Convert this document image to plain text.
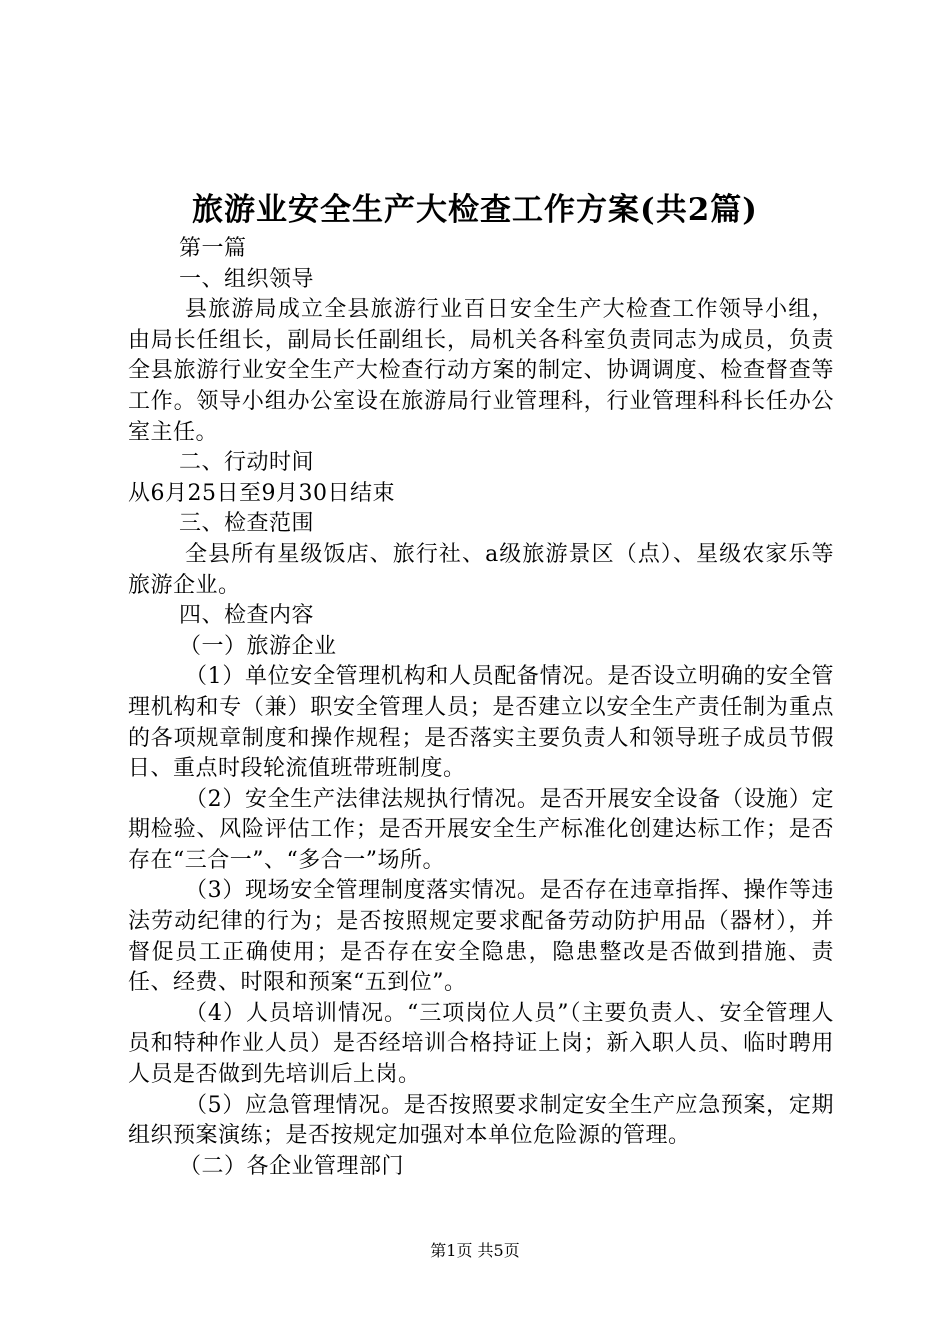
旅游业安全生产大检查工作方案(共2篇)

第一篇

一、组织领导

县旅游局成立全县旅游行业百日安全生产大检查工作领导小组，由局长任组长，副局长任副组长，局机关各科室负责同志为成员，负责全县旅游行业安全生产大检查行动方案的制定、协调调度、检查督查等工作。领导小组办公室设在旅游局行业管理科，行业管理科科长任办公室主任。

二、行动时间

从6月25日至9月30日结束

三、检查范围

全县所有星级饭店、旅行社、a级旅游景区（点）、星级农家乐等旅游企业。

四、检查内容

（一）旅游企业

（1）单位安全管理机构和人员配备情况。是否设立明确的安全管理机构和专（兼）职安全管理人员；是否建立以安全生产责任制为重点的各项规章制度和操作规程；是否落实主要负责人和领导班子成员节假日、重点时段轮流值班带班制度。

（2）安全生产法律法规执行情况。是否开展安全设备（设施）定期检验、风险评估工作；是否开展安全生产标准化创建达标工作；是否存在“三合一”、“多合一”场所。

（3）现场安全管理制度落实情况。是否存在违章指挥、操作等违法劳动纪律的行为；是否按照规定要求配备劳动防护用品（器材），并督促员工正确使用；是否存在安全隐患，隐患整改是否做到措施、责任、经费、时限和预案“五到位”。

（4）人员培训情况。“三项岗位人员”（主要负责人、安全管理人员和特种作业人员）是否经培训合格持证上岗；新入职人员、临时聘用人员是否做到先培训后上岗。

（5）应急管理情况。是否按照要求制定安全生产应急预案，定期组织预案演练；是否按规定加强对本单位危险源的管理。

（二）各企业管理部门

第1页 共5页
